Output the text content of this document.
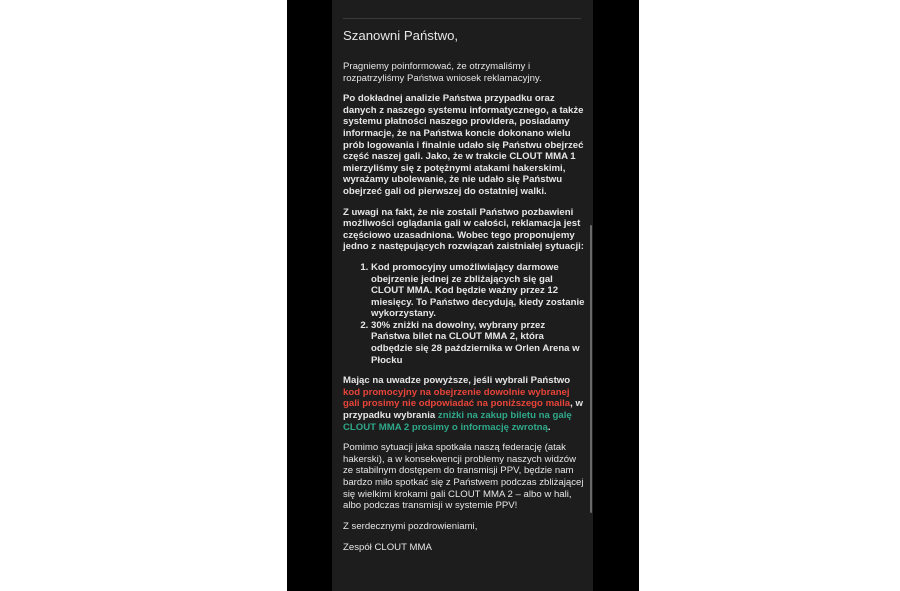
Szanowni Państwo,

Pragniemy poinformować, że otrzymaliśmy i rozpatrzyliśmy Państwa wniosek reklamacyjny.

Po dokładnej analizie Państwa przypadku oraz danych z naszego systemu informatycznego, a także systemu płatności naszego providera, posiadamy informacje, że na Państwa koncie dokonano wielu prób logowania i finalnie udało się Państwu obejrzeć część naszej gali. Jako, że w trakcie CLOUT MMA 1 mierzyliśmy się z potężnymi atakami hakerskimi, wyrażamy ubolewanie, że nie udało się Państwu obejrzeć gali od pierwszej do ostatniej walki.

Z uwagi na fakt, że nie zostali Państwo pozbawieni możliwości oglądania gali w całości, reklamacja jest częściowo uzasadniona. Wobec tego proponujemy jedno z następujących rozwiązań zaistniałej sytuacji:

1. Kod promocyjny umożliwiający darmowe obejrzenie jednej ze zbliżających się gal CLOUT MMA. Kod będzie ważny przez 12 miesięcy. To Państwo decydują, kiedy zostanie wykorzystany.
2. 30% zniżki na dowolny, wybrany przez Państwa bilet na CLOUT MMA 2, która odbędzie się 28 października w Orlen Arena w Płocku

Mając na uwadze powyższe, jeśli wybrali Państwo kod promocyjny na obejrzenie dowolnie wybranej gali prosimy nie odpowiadać na poniższego maila, w przypadku wybrania zniżki na zakup biletu na galę CLOUT MMA 2 prosimy o informację zwrotną.

Pomimo sytuacji jaka spotkała naszą federację (atak hakerski), a w konsekwencji problemy naszych widzów ze stabilnym dostępem do transmisji PPV, będzie nam bardzo miło spotkać się z Państwem podczas zbliżającej się wielkimi krokami gali CLOUT MMA 2 – albo w hali, albo podczas transmisji w systemie PPV!

Z serdecznymi pozdrowieniami,

Zespół CLOUT MMA
